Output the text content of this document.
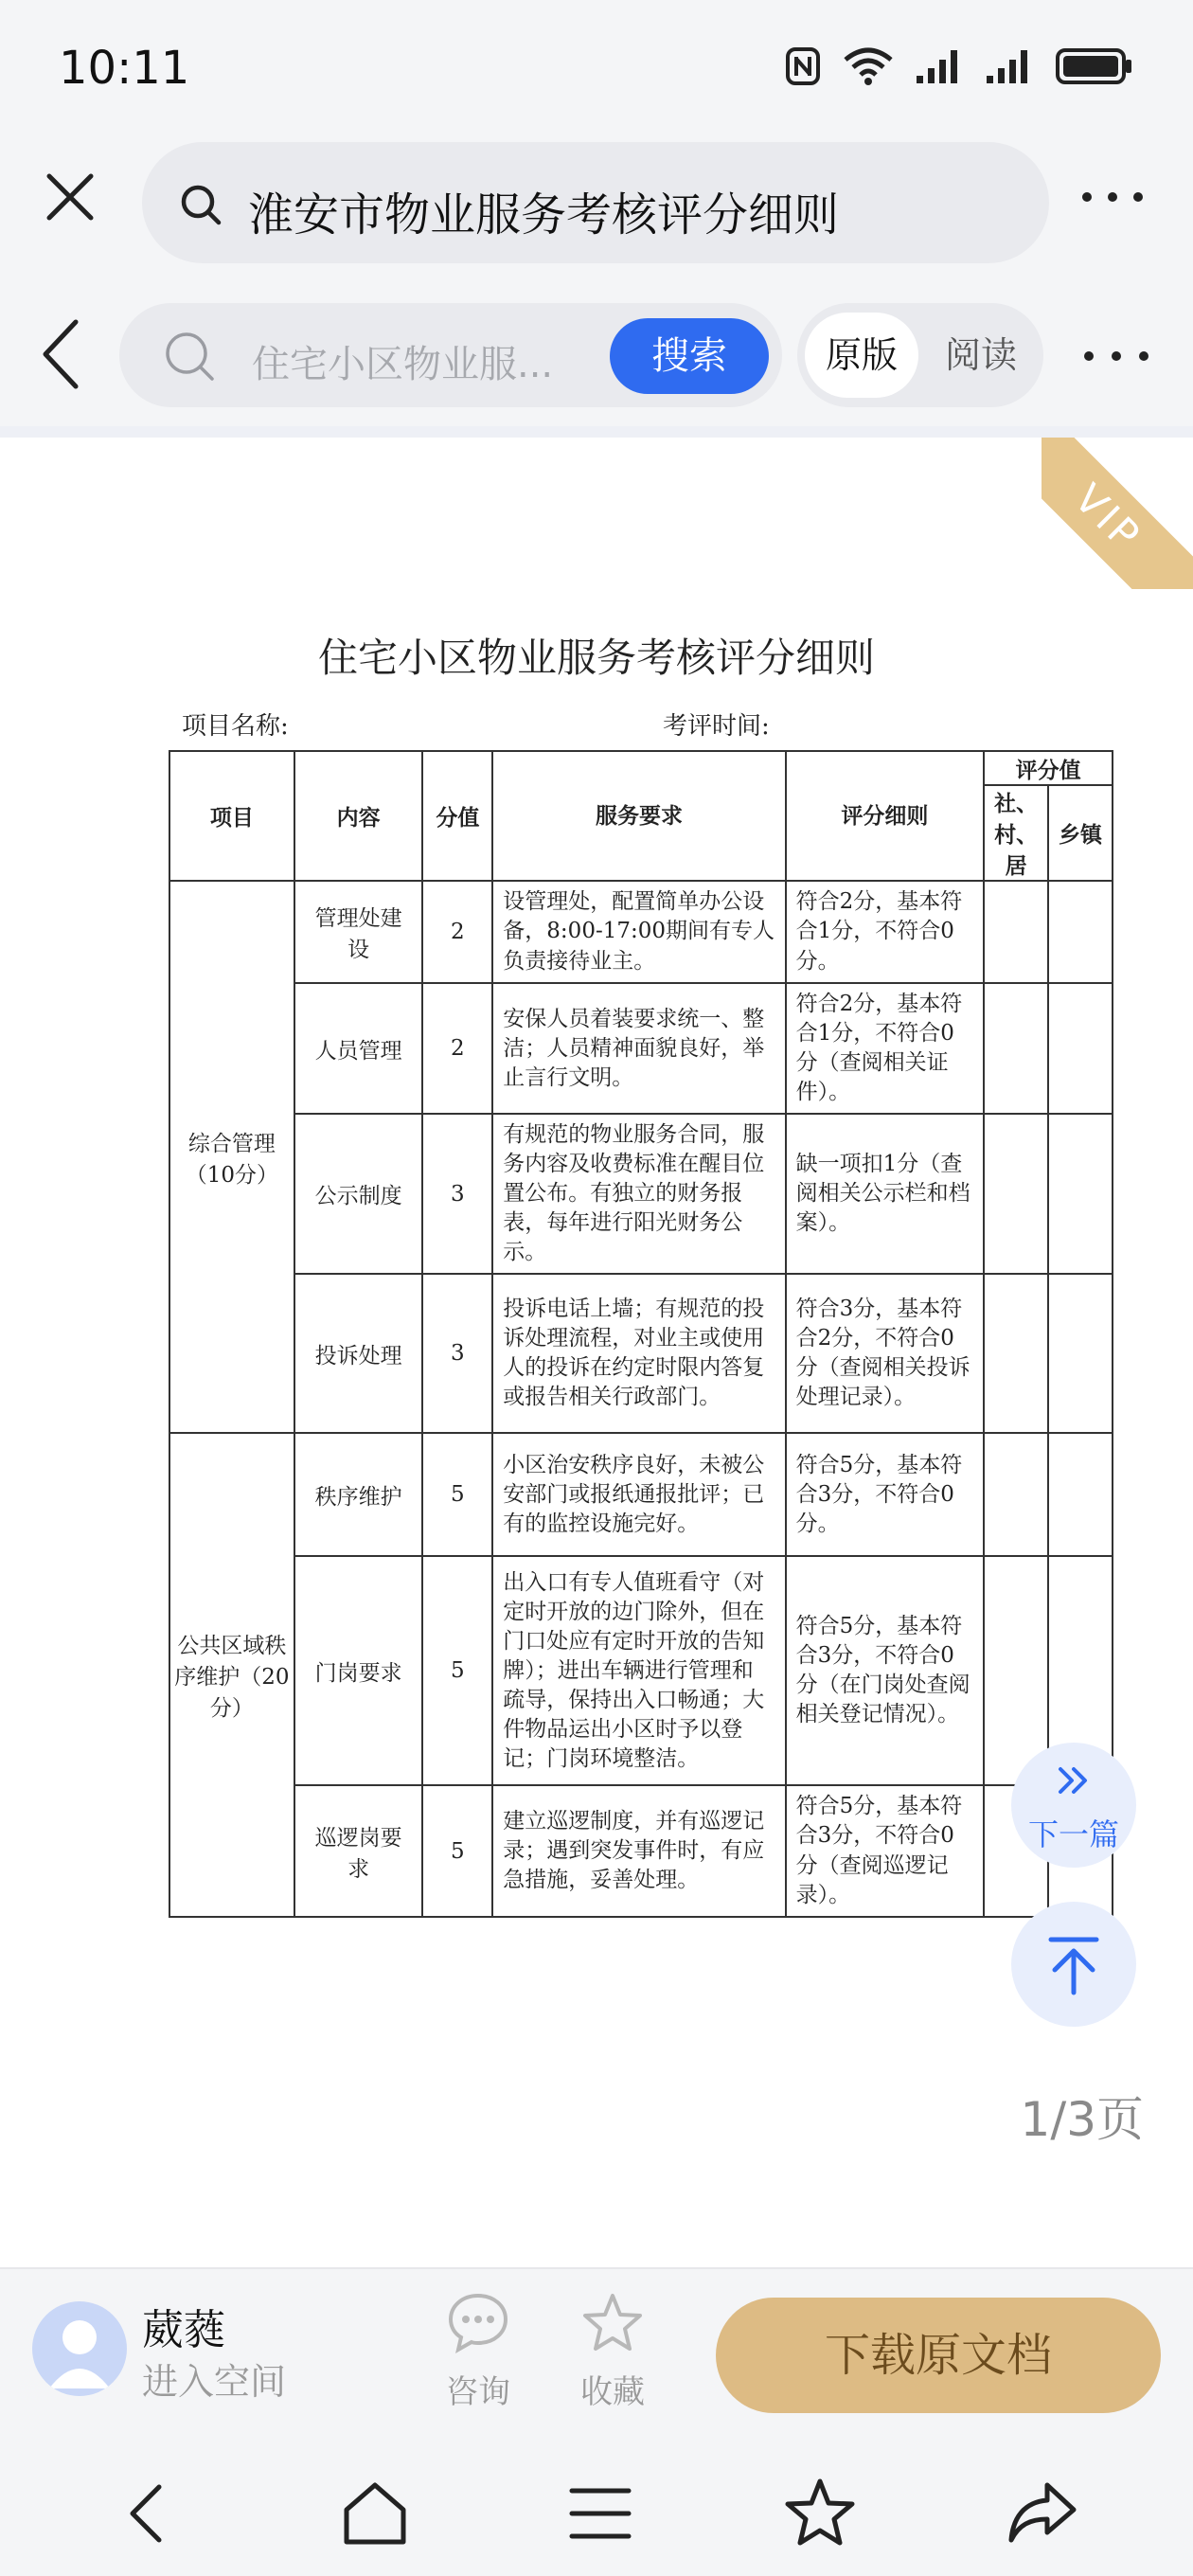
10:11
淮安市物业服务考核评分细则
住宅小区物业服...	搜索	原版	阅读
VIP
住宅小区物业服务考核评分细则
项目名称:	考评时间:
项目	内容	分值	服务要求	评分细则	评分值	
					社、村、居	乡镇
综合管理（10分）	管理处建设	2	设管理处，配置简单办公设备，8:00-17:00期间有专人负责接待业主。	符合2分，基本符合1分，不符合0分。		
	人员管理	2	安保人员着装要求统一、整洁；人员精神面貌良好，举止言行文明。	符合2分，基本符合1分，不符合0分（查阅相关证件）。		
	公示制度	3	有规范的物业服务合同，服务内容及收费标准在醒目位置公布。有独立的财务报表，每年进行阳光财务公示。	缺一项扣1分（查阅相关公示栏和档案）。		
	投诉处理	3	投诉电话上墙；有规范的投诉处理流程，对业主或使用人的投诉在约定时限内答复或报告相关行政部门。	符合3分，基本符合2分，不符合0分（查阅相关投诉处理记录）。		
公共区域秩序维护（20分）	秩序维护	5	小区治安秩序良好，未被公安部门或报纸通报批评；已有的监控设施完好。	符合5分，基本符合3分，不符合0分。		
	门岗要求	5	出入口有专人值班看守（对定时开放的边门除外，但在门口处应有定时开放的告知牌）；进出车辆进行管理和疏导，保持出入口畅通；大件物品运出小区时予以登记；门岗环境整洁。	符合5分，基本符合3分，不符合0分（在门岗处查阅相关登记情况）。		
	巡逻岗要求	5	建立巡逻制度，并有巡逻记录；遇到突发事件时，有应急措施，妥善处理。	符合5分，基本符合3分，不符合0分（查阅巡逻记录）。		
1/3页
下一篇
葳蕤
进入空间	咨询	收藏
下载原文档
